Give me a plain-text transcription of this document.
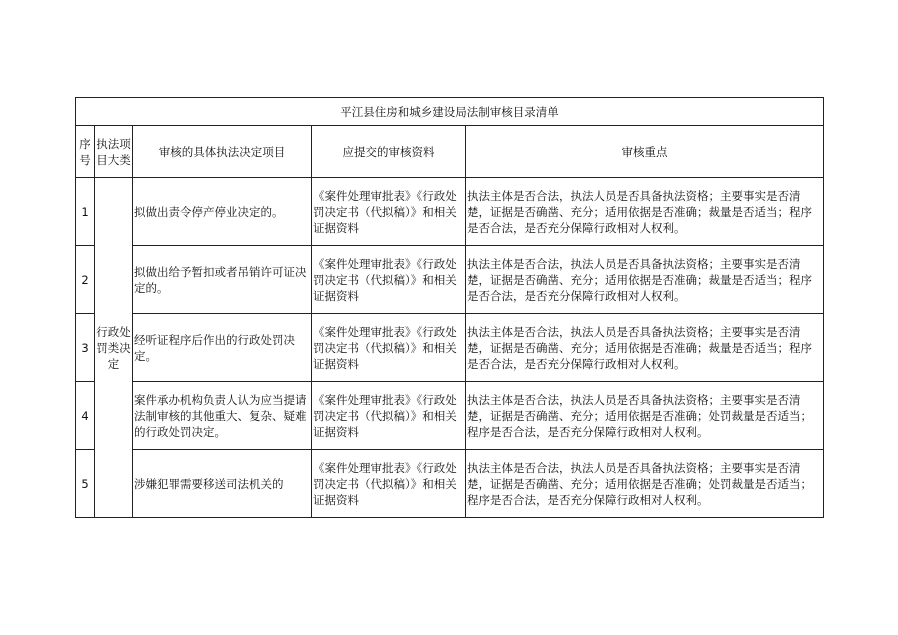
平江县住房和城乡建设局法制审核目录清单				
序号	执法项目大类	审核的具体执法决定项目	应提交的审核资料	审核重点
1	行政处罚类决定	拟做出责令停产停业决定的。	《案件处理审批表》《行政处罚决定书（代拟稿）》和相关证据资料	执法主体是否合法，执法人员是否具备执法资格；主要事实是否清楚，证据是否确凿、充分；适用依据是否准确；裁量是否适当；程序是否合法，是否充分保障行政相对人权利。
2		拟做出给予暂扣或者吊销许可证决定的。	《案件处理审批表》《行政处罚决定书（代拟稿）》和相关证据资料	执法主体是否合法，执法人员是否具备执法资格；主要事实是否清楚，证据是否确凿、充分；适用依据是否准确；裁量是否适当；程序是否合法，是否充分保障行政相对人权利。
3		经听证程序后作出的行政处罚决定。	《案件处理审批表》《行政处罚决定书（代拟稿）》和相关证据资料	执法主体是否合法，执法人员是否具备执法资格；主要事实是否清楚，证据是否确凿、充分；适用依据是否准确；裁量是否适当；程序是否合法，是否充分保障行政相对人权利。
4		案件承办机构负责人认为应当提请法制审核的其他重大、复杂、疑难的行政处罚决定。	《案件处理审批表》《行政处罚决定书（代拟稿）》和相关证据资料	执法主体是否合法，执法人员是否具备执法资格；主要事实是否清楚，证据是否确凿、充分；适用依据是否准确；处罚裁量是否适当；程序是否合法，是否充分保障行政相对人权利。
5		涉嫌犯罪需要移送司法机关的	《案件处理审批表》《行政处罚决定书（代拟稿）》和相关证据资料	执法主体是否合法，执法人员是否具备执法资格；主要事实是否清楚，证据是否确凿、充分；适用依据是否准确；处罚裁量是否适当；程序是否合法，是否充分保障行政相对人权利。
